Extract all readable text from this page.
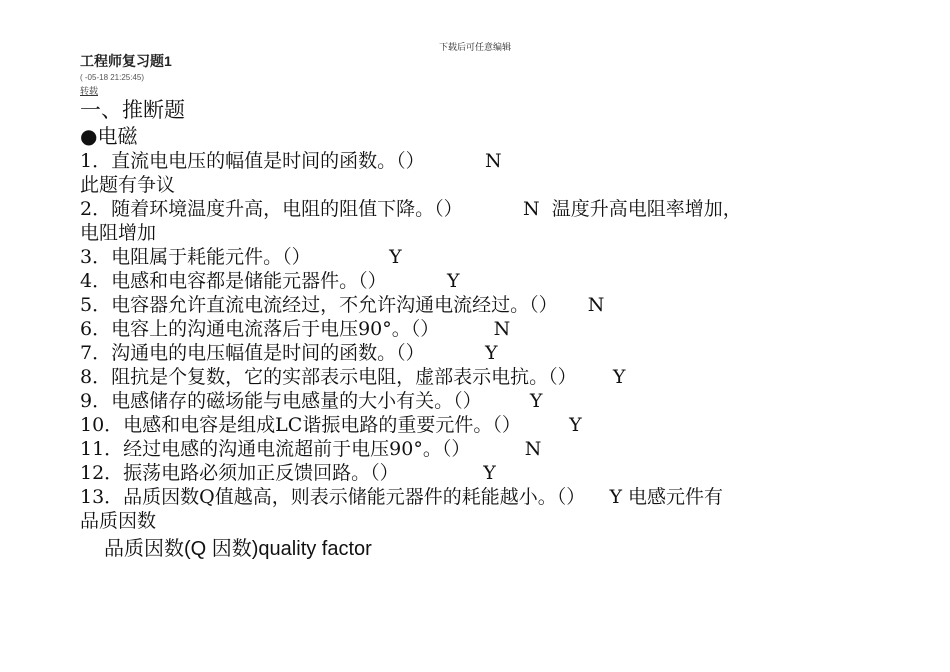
下载后可任意编辑
工程师复习题1
( -05-18 21:25:45)
转载
一、推断题
●电磁
1．直流电电压的幅值是时间的函数。（）	N
此题有争议
2．随着环境温度升高，电阻的阻值下降。（）	N  温度升高电阻率增加，
电阻增加
3．电阻属于耗能元件。（）	Y
4．电感和电容都是储能元器件。（）	Y
5．电容器允许直流电流经过，不允许沟通电流经过。（） N
6．电容上的沟通电流落后于电压90°。（）	N
7．沟通电的电压幅值是时间的函数。（）	Y
8．阻抗是个复数，它的实部表示电阻，虚部表示电抗。（） Y
9．电感储存的磁场能与电感量的大小有关。（）	Y
10．电感和电容是组成LC谐振电路的重要元件。（）	Y
11．经过电感的沟通电流超前于电压90°。（）	N
12．振荡电路必须加正反馈回路。（）	Y
13．品质因数Q值越高，则表示储能元器件的耗能越小。（） Y 电感元件有
品质因数
品质因数(Q 因数)quality factor
